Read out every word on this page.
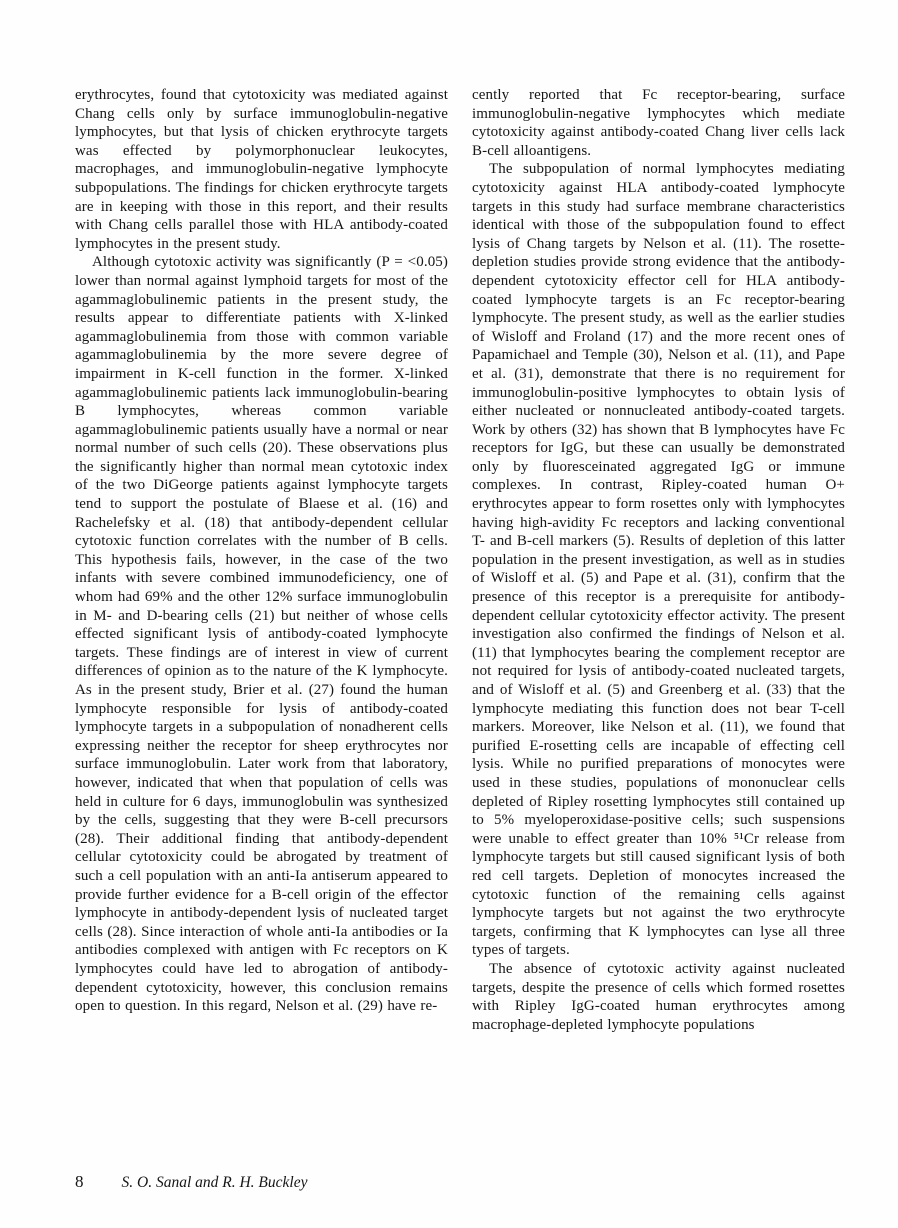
erythrocytes, found that cytotoxicity was mediated against Chang cells only by surface immunoglobulin-negative lymphocytes, but that lysis of chicken erythrocyte targets was effected by polymorphonuclear leukocytes, macrophages, and immunoglobulin-negative lymphocyte subpopulations. The findings for chicken erythrocyte targets are in keeping with those in this report, and their results with Chang cells parallel those with HLA antibody-coated lymphocytes in the present study.

Although cytotoxic activity was significantly (P = <0.05) lower than normal against lymphoid targets for most of the agammaglobulinemic patients in the present study, the results appear to differentiate patients with X-linked agammaglobulinemia from those with common variable agammaglobulinemia by the more severe degree of impairment in K-cell function in the former. X-linked agammaglobulinemic patients lack immunoglobulin-bearing B lymphocytes, whereas common variable agammaglobulinemic patients usually have a normal or near normal number of such cells (20). These observations plus the significantly higher than normal mean cytotoxic index of the two DiGeorge patients against lymphocyte targets tend to support the postulate of Blaese et al. (16) and Rachelefsky et al. (18) that antibody-dependent cellular cytotoxic function correlates with the number of B cells. This hypothesis fails, however, in the case of the two infants with severe combined immunodeficiency, one of whom had 69% and the other 12% surface immunoglobulin in M- and D-bearing cells (21) but neither of whose cells effected significant lysis of antibody-coated lymphocyte targets. These findings are of interest in view of current differences of opinion as to the nature of the K lymphocyte. As in the present study, Brier et al. (27) found the human lymphocyte responsible for lysis of antibody-coated lymphocyte targets in a subpopulation of nonadherent cells expressing neither the receptor for sheep erythrocytes nor surface immunoglobulin. Later work from that laboratory, however, indicated that when that population of cells was held in culture for 6 days, immunoglobulin was synthesized by the cells, suggesting that they were B-cell precursors (28). Their additional finding that antibody-dependent cellular cytotoxicity could be abrogated by treatment of such a cell population with an anti-Ia antiserum appeared to provide further evidence for a B-cell origin of the effector lymphocyte in antibody-dependent lysis of nucleated target cells (28). Since interaction of whole anti-Ia antibodies or Ia antibodies complexed with antigen with Fc receptors on K lymphocytes could have led to abrogation of antibody-dependent cytotoxicity, however, this conclusion remains open to question. In this regard, Nelson et al. (29) have re-

cently reported that Fc receptor-bearing, surface immunoglobulin-negative lymphocytes which mediate cytotoxicity against antibody-coated Chang liver cells lack B-cell alloantigens.

The subpopulation of normal lymphocytes mediating cytotoxicity against HLA antibody-coated lymphocyte targets in this study had surface membrane characteristics identical with those of the subpopulation found to effect lysis of Chang targets by Nelson et al. (11). The rosette-depletion studies provide strong evidence that the antibody-dependent cytotoxicity effector cell for HLA antibody-coated lymphocyte targets is an Fc receptor-bearing lymphocyte. The present study, as well as the earlier studies of Wisloff and Froland (17) and the more recent ones of Papamichael and Temple (30), Nelson et al. (11), and Pape et al. (31), demonstrate that there is no requirement for immunoglobulin-positive lymphocytes to obtain lysis of either nucleated or nonnucleated antibody-coated targets. Work by others (32) has shown that B lymphocytes have Fc receptors for IgG, but these can usually be demonstrated only by fluoresceinated aggregated IgG or immune complexes. In contrast, Ripley-coated human O+ erythrocytes appear to form rosettes only with lymphocytes having high-avidity Fc receptors and lacking conventional T- and B-cell markers (5). Results of depletion of this latter population in the present investigation, as well as in studies of Wisloff et al. (5) and Pape et al. (31), confirm that the presence of this receptor is a prerequisite for antibody-dependent cellular cytotoxicity effector activity. The present investigation also confirmed the findings of Nelson et al. (11) that lymphocytes bearing the complement receptor are not required for lysis of antibody-coated nucleated targets, and of Wisloff et al. (5) and Greenberg et al. (33) that the lymphocyte mediating this function does not bear T-cell markers. Moreover, like Nelson et al. (11), we found that purified E-rosetting cells are incapable of effecting cell lysis. While no purified preparations of monocytes were used in these studies, populations of mononuclear cells depleted of Ripley rosetting lymphocytes still contained up to 5% myeloperoxidase-positive cells; such suspensions were unable to effect greater than 10% ⁵¹Cr release from lymphocyte targets but still caused significant lysis of both red cell targets. Depletion of monocytes increased the cytotoxic function of the remaining cells against lymphocyte targets but not against the two erythrocyte targets, confirming that K lymphocytes can lyse all three types of targets.

The absence of cytotoxic activity against nucleated targets, despite the presence of cells which formed rosettes with Ripley IgG-coated human erythrocytes among macrophage-depleted lymphocyte populations

8 S. O. Sanal and R. H. Buckley
